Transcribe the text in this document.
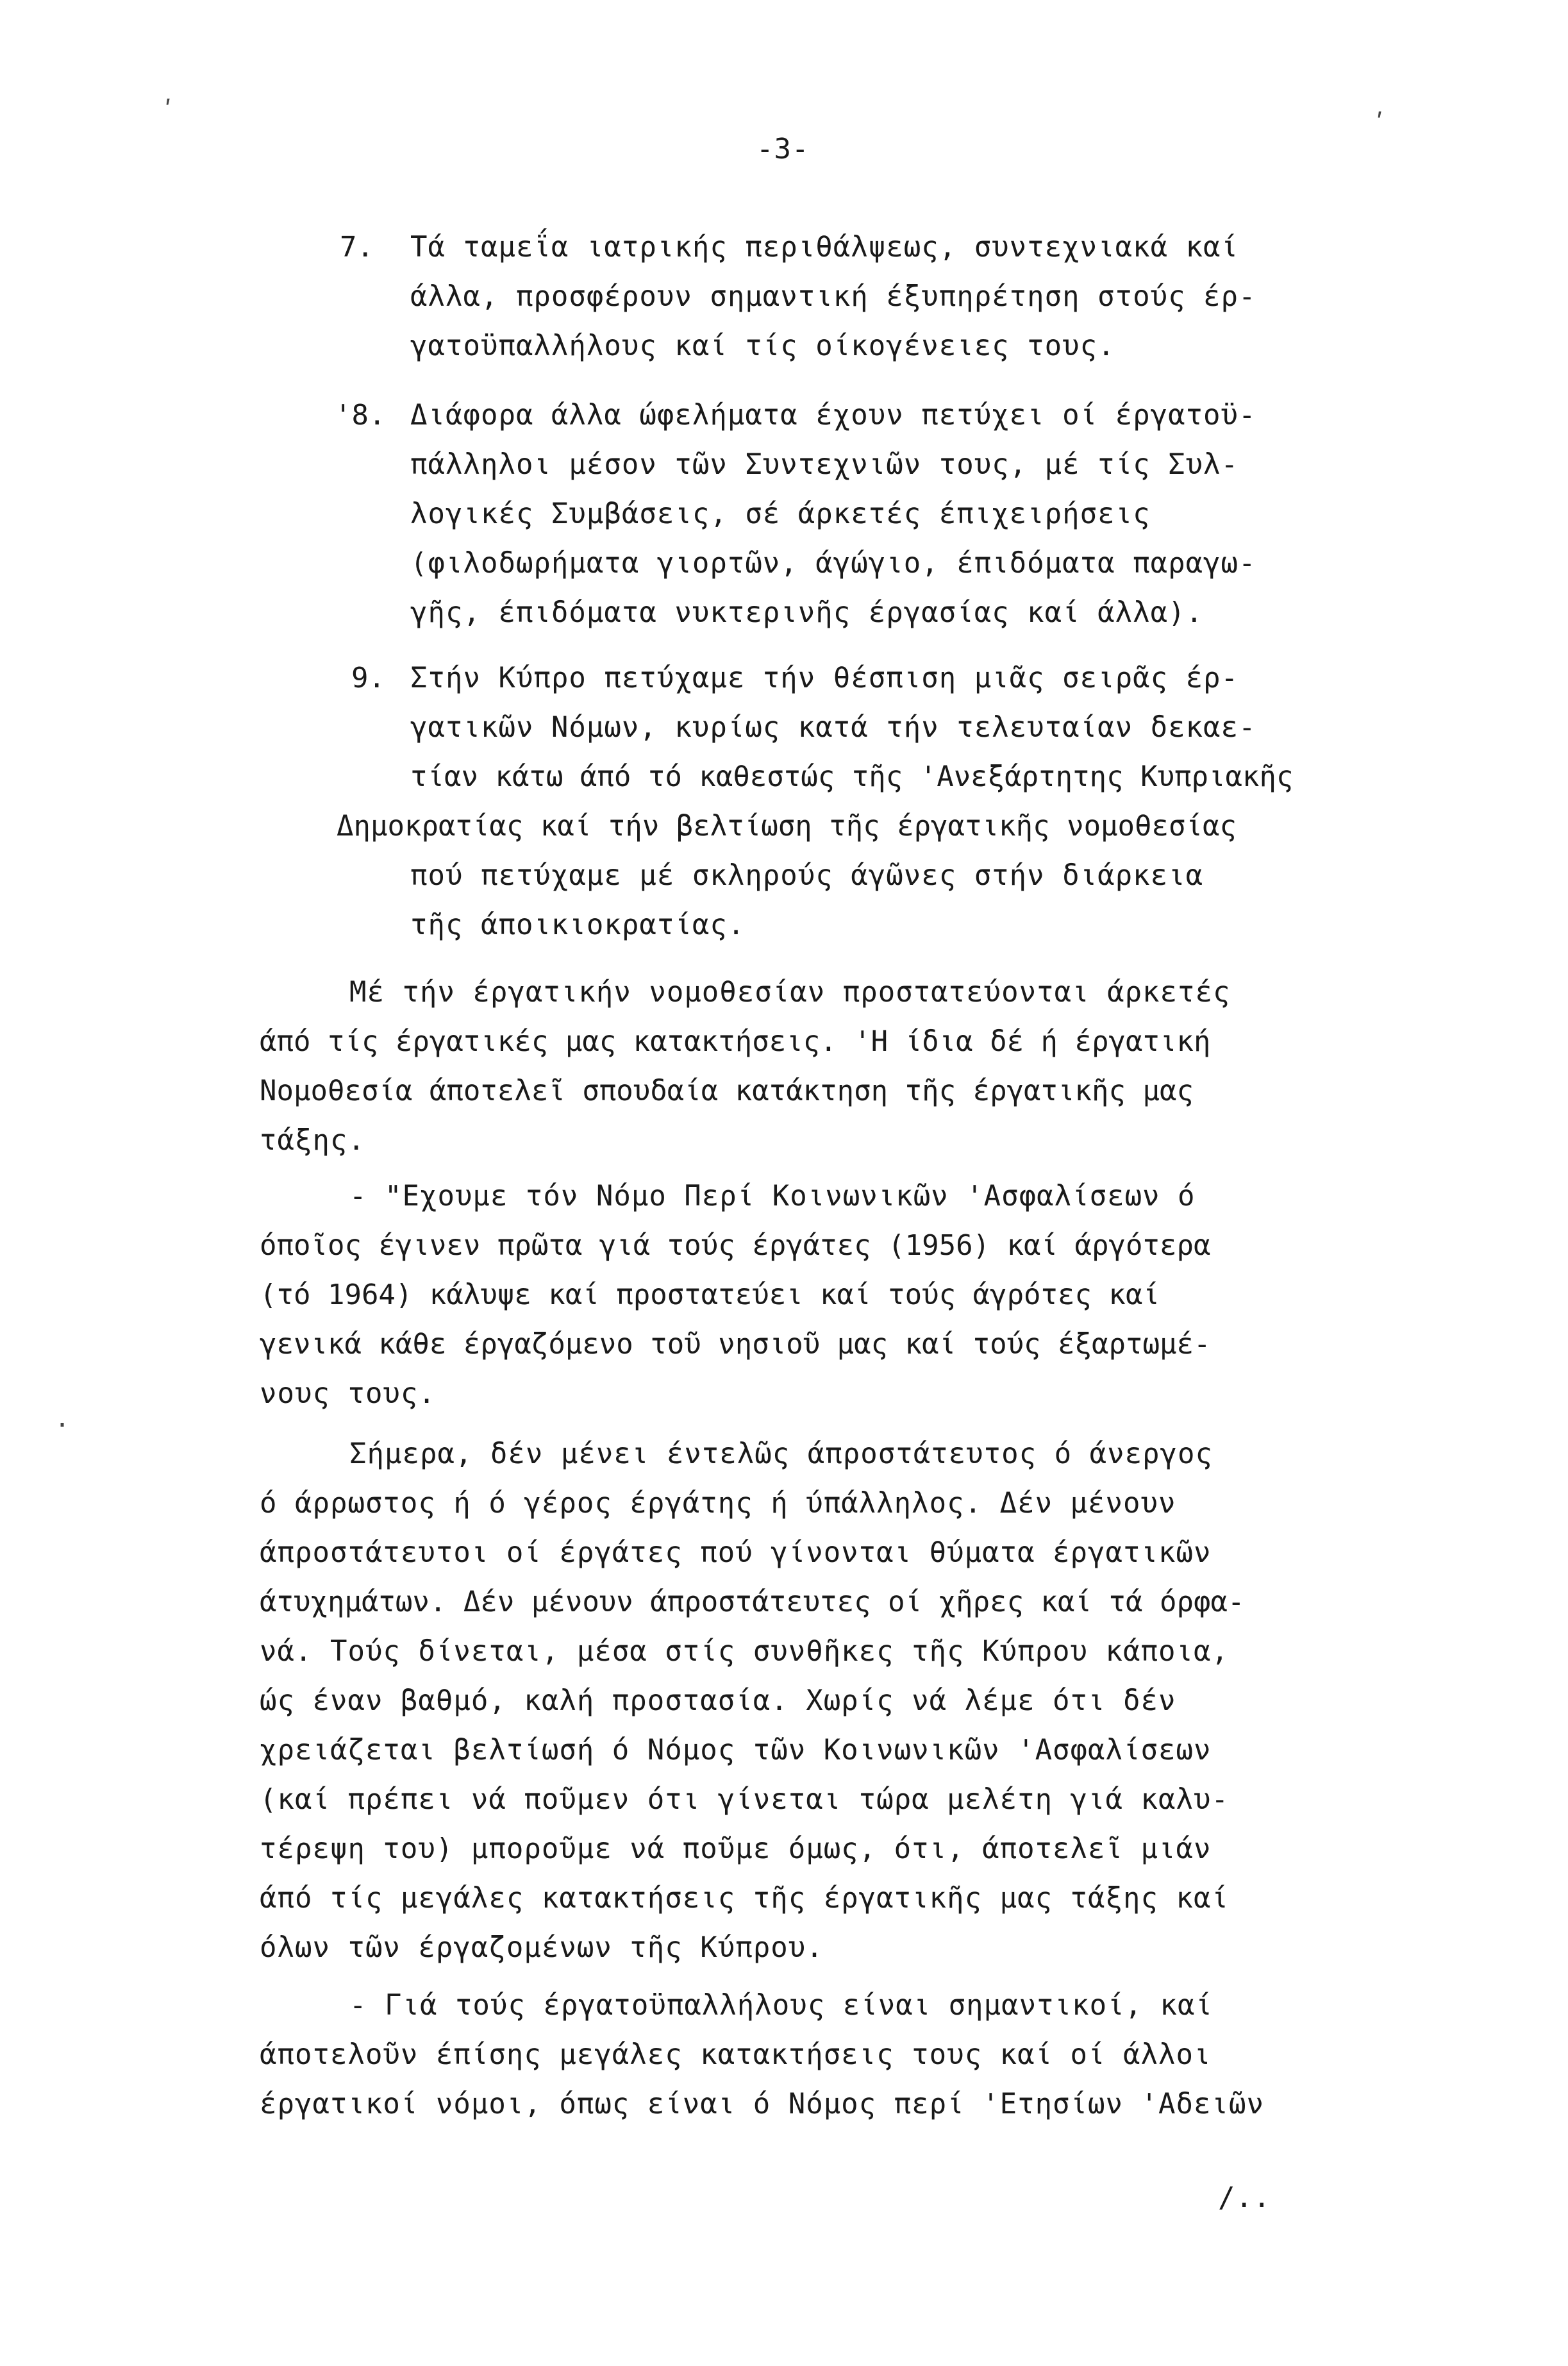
ʹ	ʹ
-3-
7. Τά ταμεΐα ιατρικής περιθάλψεως, συντεχνιακά καί
άλλα, προσφέρουν σημαντική έξυπηρέτηση στούς έρ-
γατοϋπαλλήλους καί τίς οίκογένειες τους.
'8. Διάφορα άλλα ώφελήματα έχουν πετύχει οί έργατοϋ-
πάλληλοι μέσον τῶν Συντεχνιῶν τους, μέ τίς Συλ-
λογικές Συμβάσεις, σέ άρκετές έπιχειρήσεις
(φιλοδωρήματα γιορτῶν, άγώγιο, έπιδόματα παραγω-
γῆς, έπιδόματα νυκτερινῆς έργασίας καί άλλα).
9. Στήν Κύπρο πετύχαμε τήν θέσπιση μιᾶς σειρᾶς έρ-
γατικῶν Νόμων, κυρίως κατά τήν τελευταίαν δεκαε-
τίαν κάτω άπό τό καθεστώς τῆς 'Ανεξάρτητης Κυπριακῆς
Δημοκρατίας καί τήν βελτίωση τῆς έργατικῆς νομοθεσίας
πού πετύχαμε μέ σκληρούς άγῶνες στήν διάρκεια
τῆς άποικιοκρατίας.
Μέ τήν έργατικήν νομοθεσίαν προστατεύονται άρκετές
άπό τίς έργατικές μας κατακτήσεις. 'Η ίδια δέ ή έργατική
Νομοθεσία άποτελεῖ σπουδαία κατάκτηση τῆς έργατικῆς μας
τάξης.
- "Εχουμε τόν Νόμο Περί Κοινωνικῶν 'Ασφαλίσεων ό
όποῖος έγινεν πρῶτα γιά τούς έργάτες (1956) καί άργότερα
(τό 1964) κάλυψε καί προστατεύει καί τούς άγρότες καί
γενικά κάθε έργαζόμενο τοῦ νησιοῦ μας καί τούς έξαρτωμέ-
νους τους.
·
Σήμερα, δέν μένει έντελῶς άπροστάτευτος ό άνεργος
ό άρρωστος ή ό γέρος έργάτης ή ύπάλληλος. Δέν μένουν
άπροστάτευτοι οί έργάτες πού γίνονται θύματα έργατικῶν
άτυχημάτων. Δέν μένουν άπροστάτευτες οί χῆρες καί τά όρφα-
νά. Τούς δίνεται, μέσα στίς συνθῆκες τῆς Κύπρου κάποια,
ώς έναν βαθμό, καλή προστασία. Χωρίς νά λέμε ότι δέν
χρειάζεται βελτίωσή ό Νόμος τῶν Κοινωνικῶν 'Ασφαλίσεων
(καί πρέπει νά ποῦμεν ότι γίνεται τώρα μελέτη γιά καλυ-
τέρεψη του) μποροῦμε νά ποῦμε όμως, ότι, άποτελεῖ μιάν
άπό τίς μεγάλες κατακτήσεις τῆς έργατικῆς μας τάξης καί
όλων τῶν έργαζομένων τῆς Κύπρου.
- Γιά τούς έργατοϋπαλλήλους είναι σημαντικοί, καί
άποτελοῦν έπίσης μεγάλες κατακτήσεις τους καί οί άλλοι
έργατικοί νόμοι, όπως είναι ό Νόμος περί 'Ετησίων 'Αδειῶν
/..
